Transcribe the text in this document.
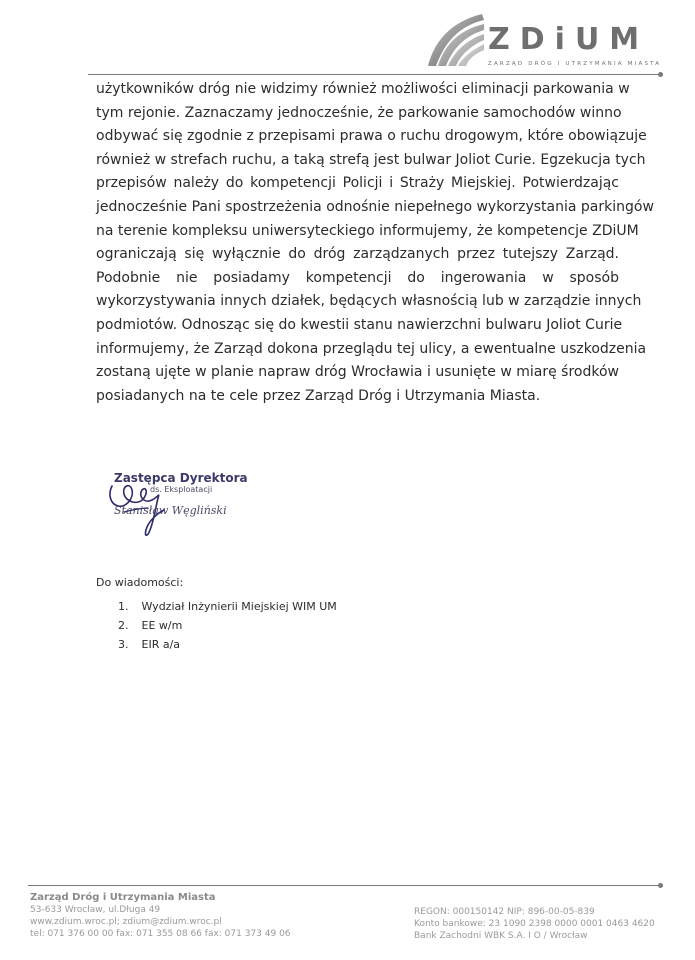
ZDiUM
ZARZĄD DRÓG I UTRZYMANIA MIASTA
użytkowników dróg nie widzimy również możliwości eliminacji parkowania w
tym rejonie. Zaznaczamy jednocześnie, że parkowanie samochodów winno
odbywać się zgodnie z przepisami prawa o ruchu drogowym, które obowiązuje
również w strefach ruchu, a taką strefą jest bulwar Joliot Curie. Egzekucja tych
przepisów należy do kompetencji Policji i Straży Miejskiej. Potwierdzając
jednocześnie Pani spostrzeżenia odnośnie niepełnego wykorzystania parkingów
na terenie kompleksu uniwersyteckiego informujemy, że kompetencje ZDiUM
ograniczają się wyłącznie do dróg zarządzanych przez tutejszy Zarząd.
Podobnie nie posiadamy kompetencji do ingerowania w sposób
wykorzystywania innych działek, będących własnością lub w zarządzie innych
podmiotów. Odnosząc się do kwestii stanu nawierzchni bulwaru Joliot Curie
informujemy, że Zarząd dokona przeglądu tej ulicy, a ewentualne uszkodzenia
zostaną ujęte w planie napraw dróg Wrocławia i usunięte w miarę środków
posiadanych na te cele przez Zarząd Dróg i Utrzymania Miasta.
Zastępca Dyrektora
ds. Eksploatacji
Stanisław Węgliński
Do wiadomości:
1. Wydział Inżynierii Miejskiej WIM UM
2. EE w/m
3. EIR a/a
Zarząd Dróg i Utrzymania Miasta
53-633 Wrocław, ul.Długa 49
www.zdium.wroc.pl; zdium@zdium.wroc.pl
tel: 071 376 00 00 fax: 071 355 08 66 fax: 071 373 49 06
REGON: 000150142 NIP: 896-00-05-839
Konto bankowe: 23 1090 2398 0000 0001 0463 4620
Bank Zachodni WBK S.A. I O / Wrocław
